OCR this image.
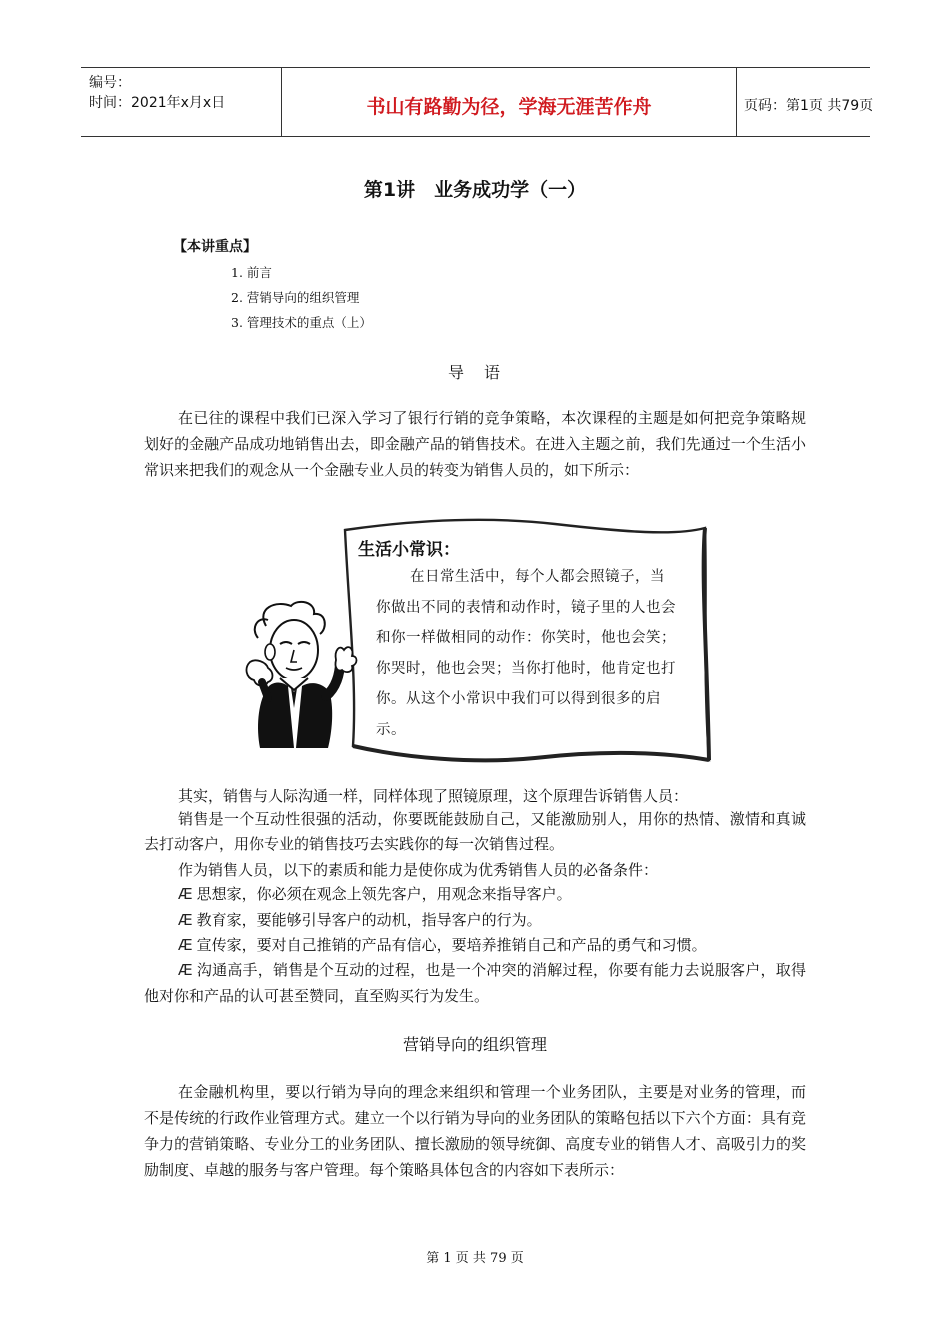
编号：
时间：2021年x月x日	书山有路勤为径，学海无涯苦作舟	页码：第1页 共79页
第1讲　业务成功学（一）
【本讲重点】
1. 前言
2. 营销导向的组织管理
3. 管理技术的重点（上）
导　语

在已往的课程中我们已深入学习了银行行销的竞争策略，本次课程的主题是如何把竞争策略规划好的金融产品成功地销售出去，即金融产品的销售技术。在进入主题之前，我们先通过一个生活小常识来把我们的观念从一个金融专业人员的转变为销售人员的，如下所示：

生活小常识：
在日常生活中，每个人都会照镜子，当你做出不同的表情和动作时，镜子里的人也会和你一样做相同的动作：你笑时，他也会笑；你哭时，他也会哭；当你打他时，他肯定也打你。从这个小常识中我们可以得到很多的启示。
其实，销售与人际沟通一样，同样体现了照镜原理，这个原理告诉销售人员：

销售是一个互动性很强的活动，你要既能鼓励自己，又能激励别人，用你的热情、激情和真诚去打动客户，用你专业的销售技巧去实践你的每一次销售过程。

作为销售人员，以下的素质和能力是使你成为优秀销售人员的必备条件：
Æ 思想家，你必须在观念上领先客户，用观念来指导客户。
Æ 教育家，要能够引导客户的动机，指导客户的行为。
Æ 宣传家，要对自己推销的产品有信心，要培养推销自己和产品的勇气和习惯。

Æ 沟通高手，销售是个互动的过程，也是一个冲突的消解过程，你要有能力去说服客户，取得他对你和产品的认可甚至赞同，直至购买行为发生。

营销导向的组织管理

在金融机构里，要以行销为导向的理念来组织和管理一个业务团队，主要是对业务的管理，而不是传统的行政作业管理方式。建立一个以行销为导向的业务团队的策略包括以下六个方面：具有竞争力的营销策略、专业分工的业务团队、擅长激励的领导统御、高度专业的销售人才、高吸引力的奖励制度、卓越的服务与客户管理。每个策略具体包含的内容如下表所示：

第 1 页 共 79 页
